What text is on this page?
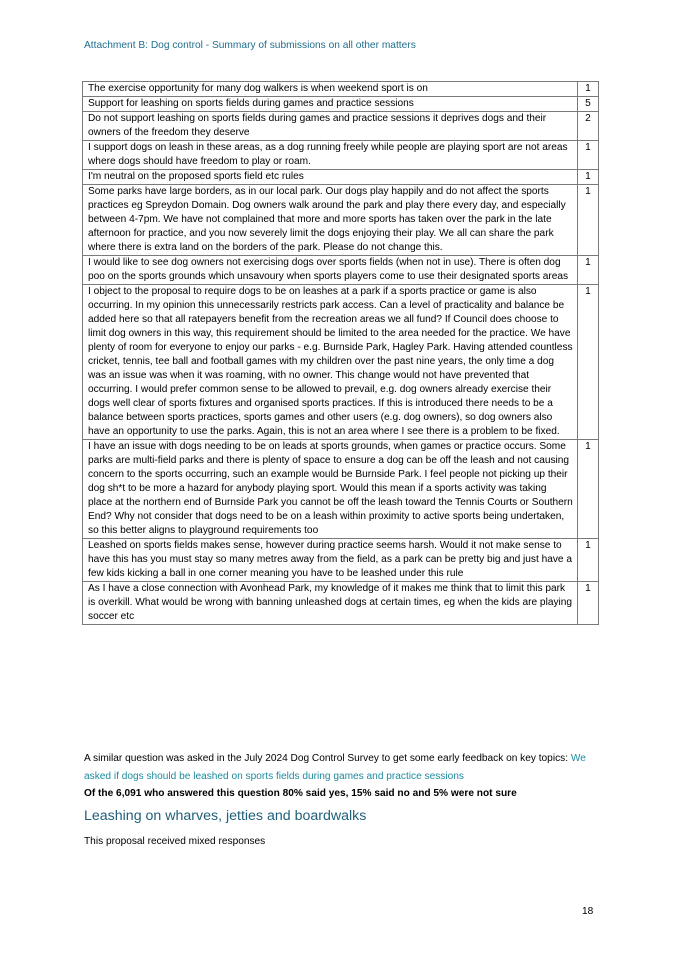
Attachment B: Dog control - Summary of submissions on all other matters
The exercise opportunity for many dog walkers is when weekend sport is on	1
Support for leashing on sports fields during games and practice sessions	5
Do not support leashing on sports fields during games and practice sessions it deprives dogs and their owners of the freedom they deserve	2
I support dogs on leash in these areas, as a dog running freely while people are playing sport are not areas where dogs should have freedom to play or roam.	1
I'm neutral on the proposed sports field etc rules	1
Some parks have large borders, as in our local park. Our dogs play happily and do not affect the sports practices eg Spreydon Domain. Dog owners walk around the park and play there every day, and especially between 4-7pm. We have not complained that more and more sports has taken over the park in the late afternoon for practice, and you now severely limit the dogs enjoying their play. We all can share the park where there is extra land on the borders of the park. Please do not change this.	1
I would like to see dog owners not exercising dogs over sports fields (when not in use). There is often dog poo on the sports grounds which unsavoury when sports players come to use their designated sports areas	1
I object to the proposal to require dogs to be on leashes at a park if a sports practice or game is also occurring. In my opinion this unnecessarily restricts park access. Can a level of practicality and balance be added here so that all ratepayers benefit from the recreation areas we all fund? If Council does choose to limit dog owners in this way, this requirement should be limited to the area needed for the practice. We have plenty of room for everyone to enjoy our parks - e.g. Burnside Park, Hagley Park. Having attended countless cricket, tennis, tee ball and football games with my children over the past nine years, the only time a dog was an issue was when it was roaming, with no owner. This change would not have prevented that occurring. I would prefer common sense to be allowed to prevail, e.g. dog owners already exercise their dogs well clear of sports fixtures and organised sports practices. If this is introduced there needs to be a balance between sports practices, sports games and other users (e.g. dog owners), so dog owners also have an opportunity to use the parks. Again, this is not an area where I see there is a problem to be fixed.	1
I have an issue with dogs needing to be on leads at sports grounds, when games or practice occurs. Some parks are multi-field parks and there is plenty of space to ensure a dog can be off the leash and not causing concern to the sports occurring, such an example would be Burnside Park. I feel people not picking up their dog sh*t to be more a hazard for anybody playing sport. Would this mean if a sports activity was taking place at the northern end of Burnside Park you cannot be off the leash toward the Tennis Courts or Southern End? Why not consider that dogs need to be on a leash within proximity to active sports being undertaken, so this better aligns to playground requirements too	1
Leashed on sports fields makes sense, however during practice seems harsh. Would it not make sense to have this has you must stay so many metres away from the field, as a park can be pretty big and just have a few kids kicking a ball in one corner meaning you have to be leashed under this rule	1
As I have a close connection with Avonhead Park, my knowledge of it makes me think that to limit this park is overkill. What would be wrong with banning unleashed dogs at certain times, eg when the kids are playing soccer etc	1
A similar question was asked in the July 2024 Dog Control Survey to get some early feedback on key topics: We asked if dogs should be leashed on sports fields during games and practice sessions
Of the 6,091 who answered this question 80% said yes, 15% said no and 5% were not sure
Leashing on wharves, jetties and boardwalks
This proposal received mixed responses
18
